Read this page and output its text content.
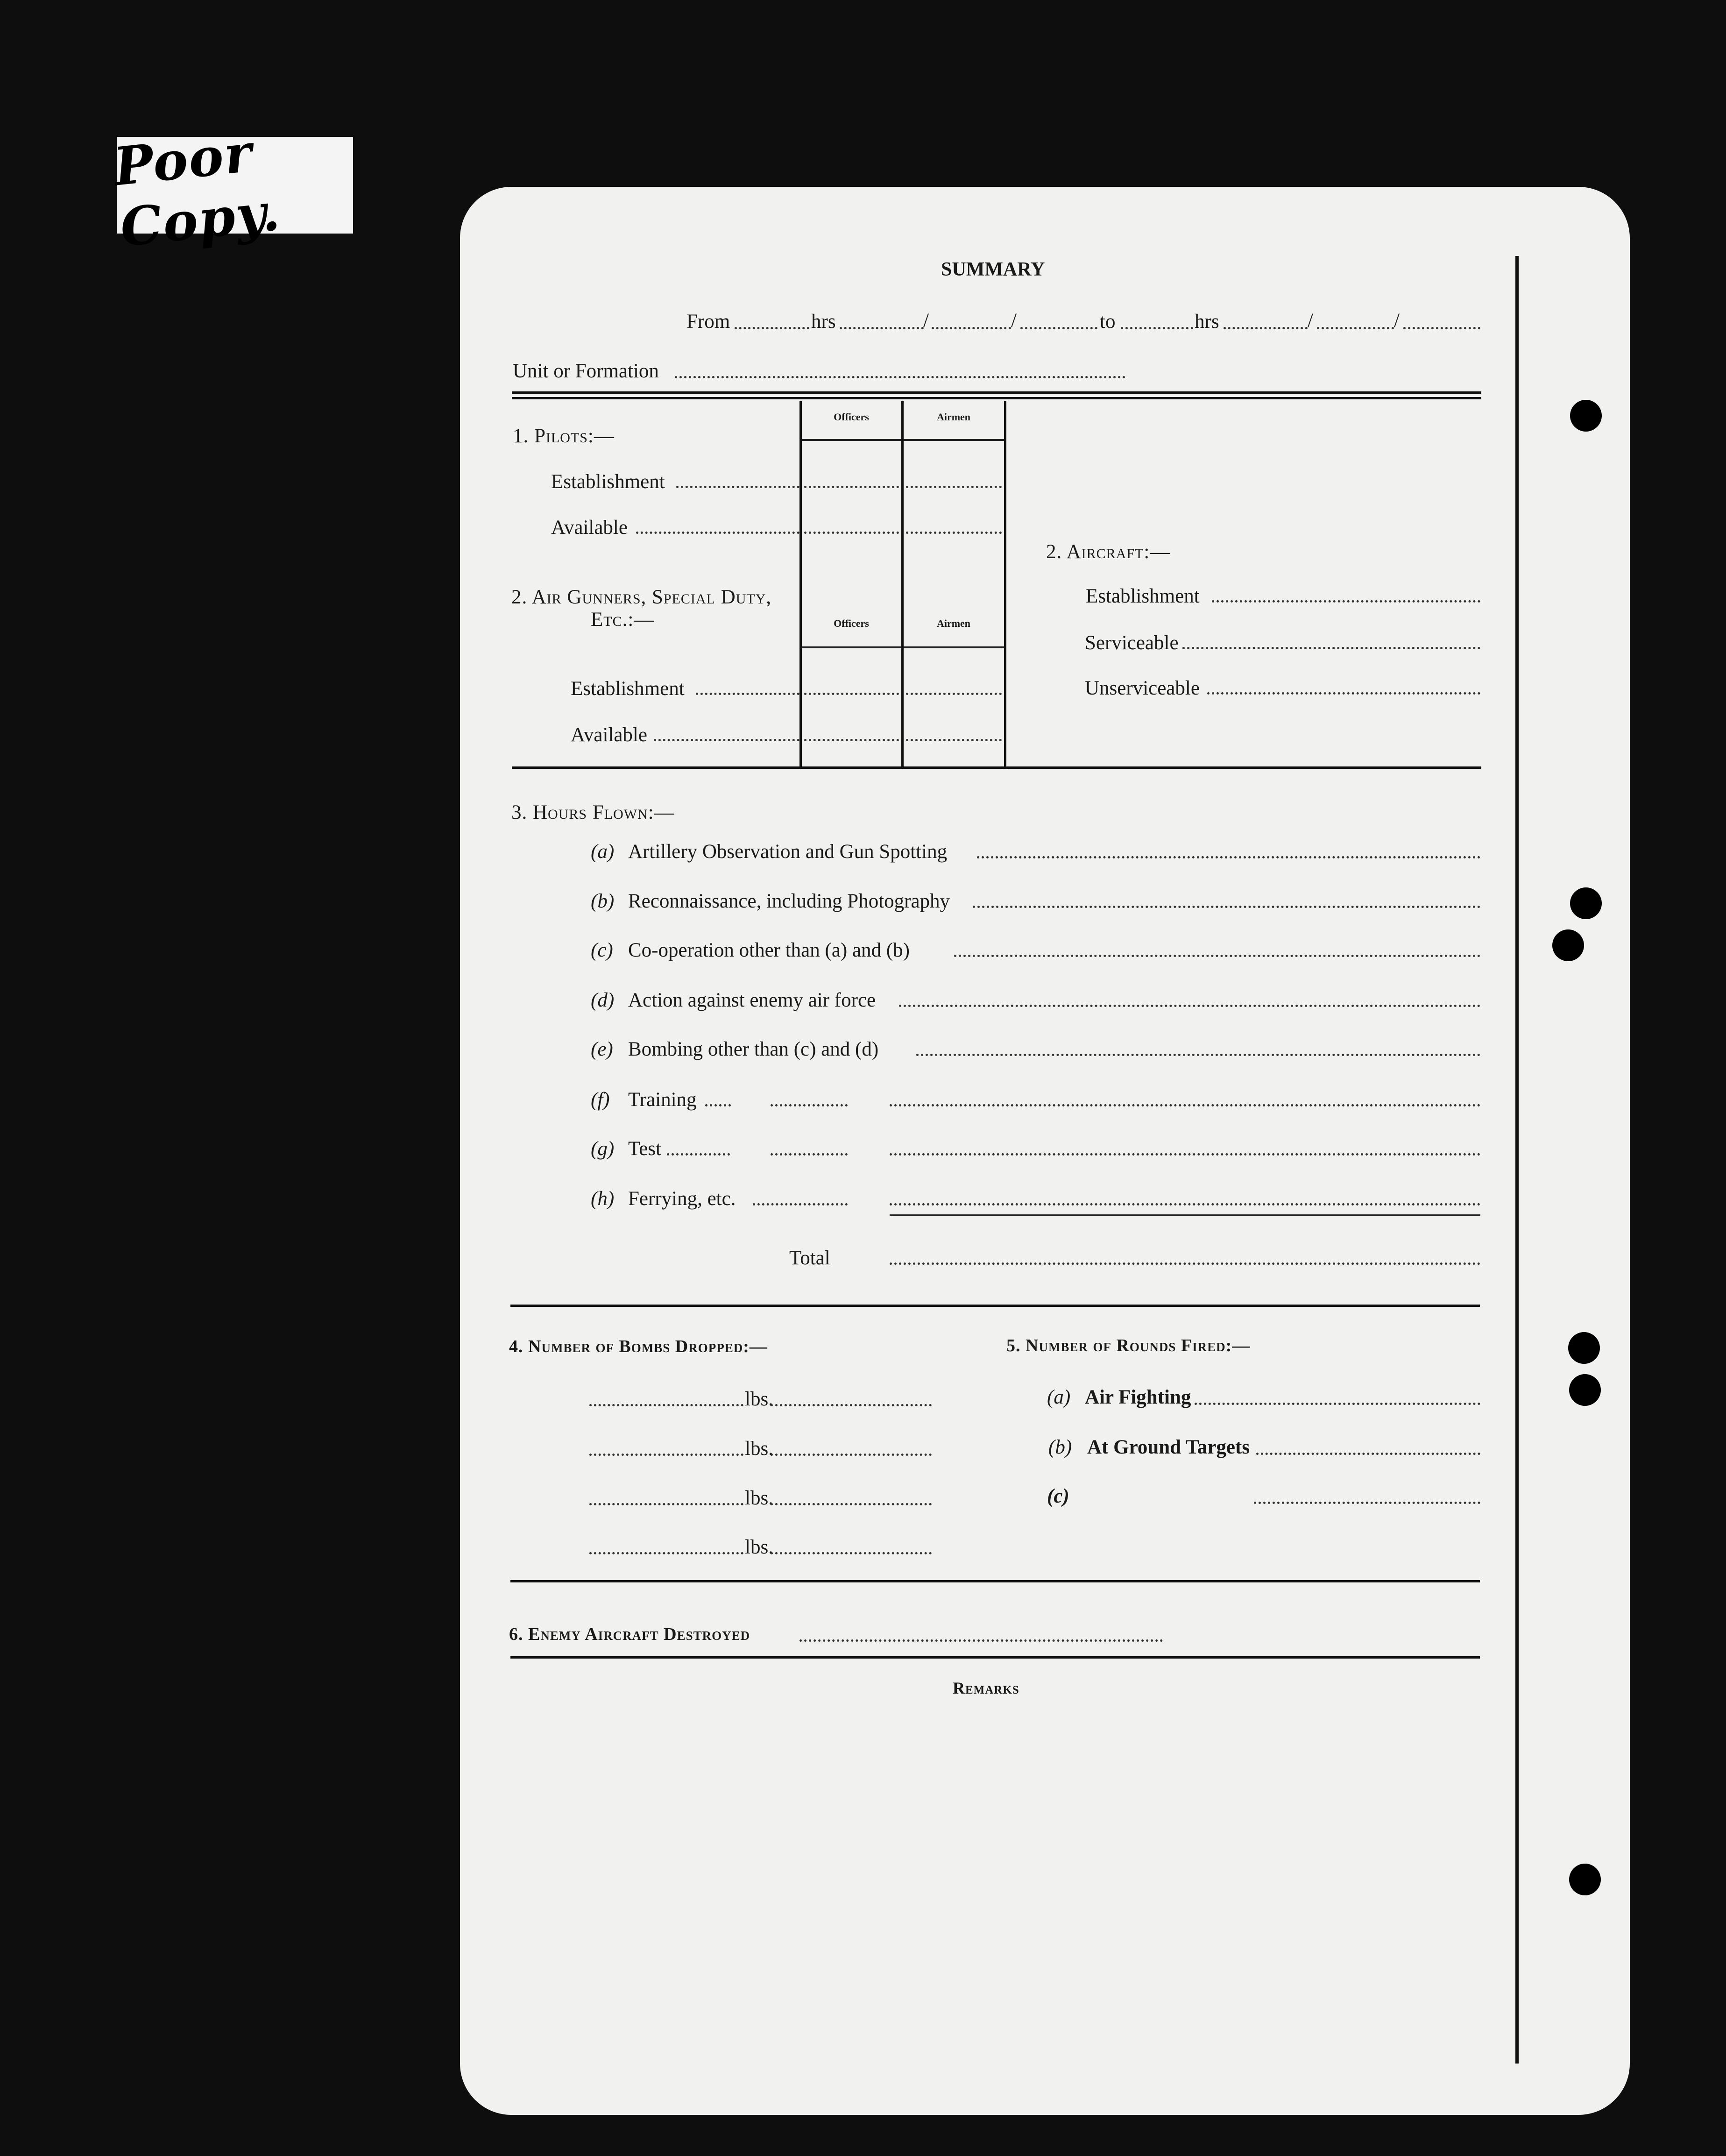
Poor Copy.
SUMMARY
From	hrs	/	/	to	hrs	/	/
Unit or Formation
Officers	Airmen
1. Pilots:—
Establishment
Available
2. Air Gunners, Special Duty,
Etc.:—	Officers	Airmen
Establishment
Available
2. Aircraft:—
Establishment
Serviceable
Unserviceable
3. Hours Flown:—
(a) Artillery Observation and Gun Spotting
(b) Reconnaissance, including Photography
(c) Co-operation other than (a) and (b)
(d) Action against enemy air force
(e) Bombing other than (c) and (d)
(f) Training
(g) Test
(h) Ferrying, etc.
Total
4. Number of Bombs Dropped:—
lbs.
lbs.
lbs.
lbs.
5. Number of Rounds Fired:—
(a) Air Fighting
(b) At Ground Targets
(c)
6. Enemy Aircraft Destroyed
Remarks
